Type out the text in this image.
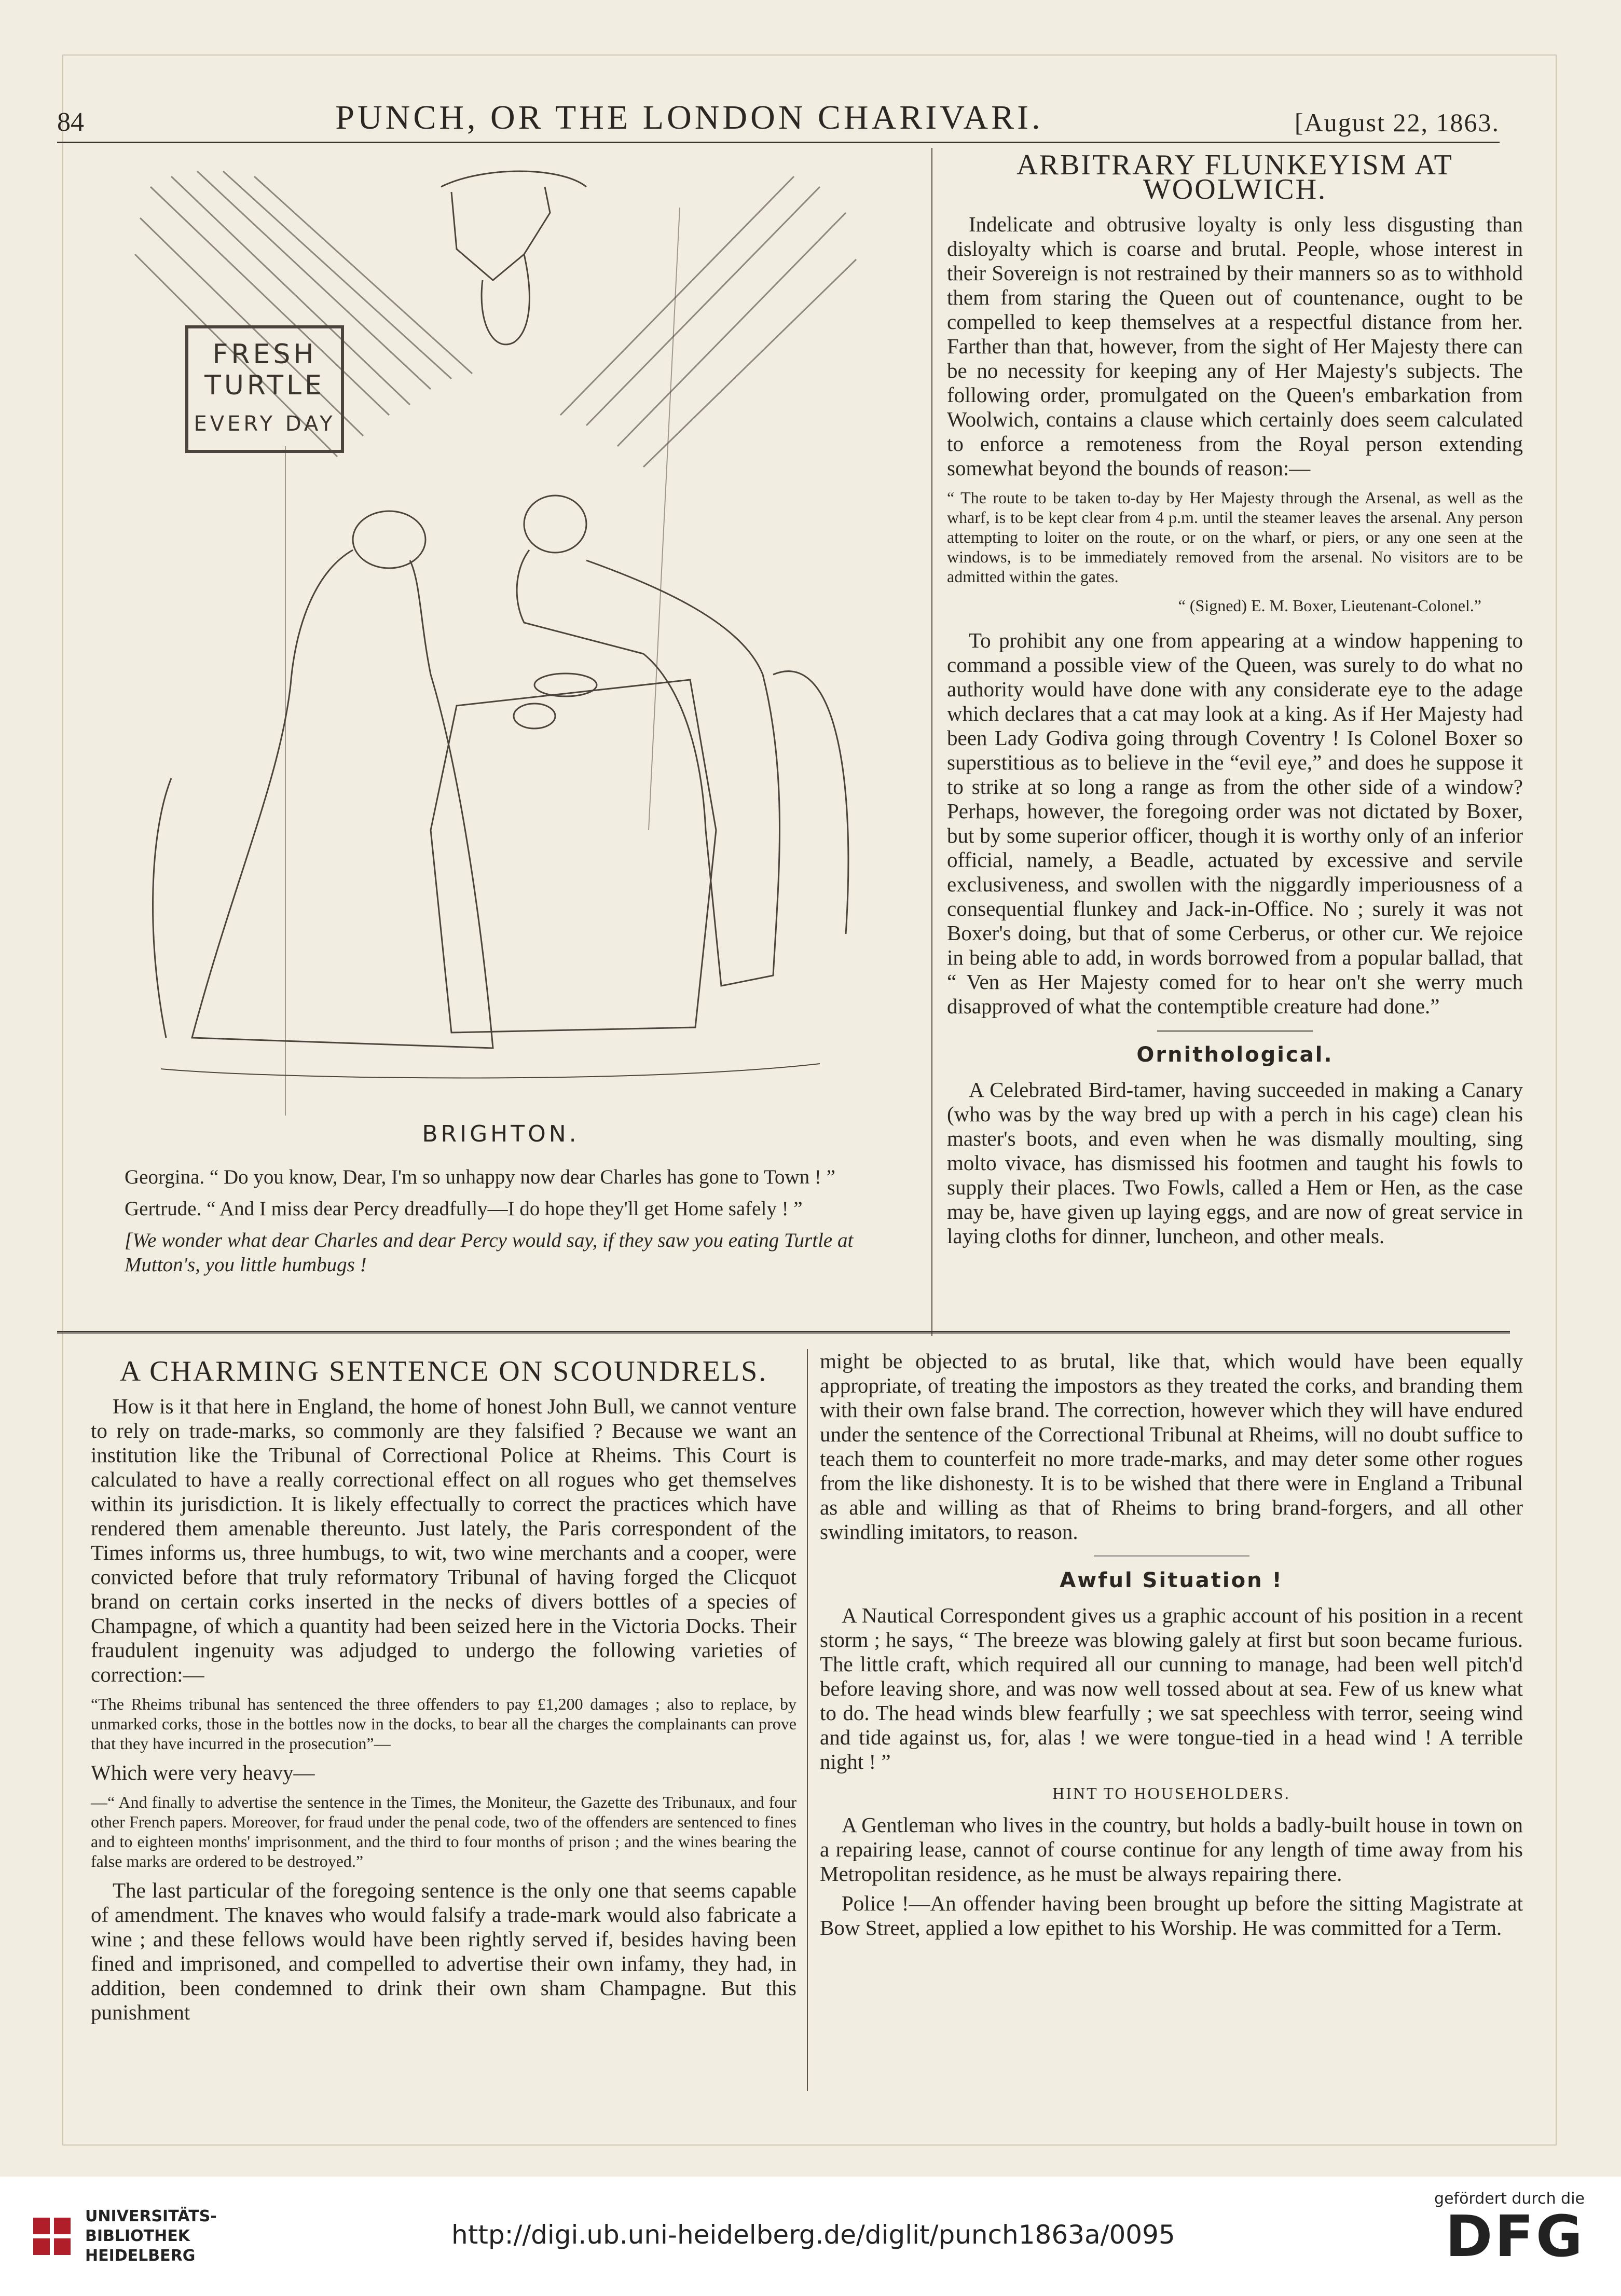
84	PUNCH, OR THE LONDON CHARIVARI.	[August 22, 1863.
FRESH
TURTLE
EVERY DAY
BRIGHTON.

Georgina. “ Do you know, Dear, I'm so unhappy now dear Charles has gone to Town ! ”

Gertrude. “ And I miss dear Percy dreadfully—I do hope they'll get Home safely ! ”

[We wonder what dear Charles and dear Percy would say, if they saw you eating Turtle at Mutton's, you little humbugs !

ARBITRARY FLUNKEYISM AT WOOLWICH.

Indelicate and obtrusive loyalty is only less disgusting than disloyalty which is coarse and brutal. People, whose interest in their Sovereign is not restrained by their manners so as to withhold them from staring the Queen out of countenance, ought to be compelled to keep themselves at a respectful distance from her. Farther than that, however, from the sight of Her Majesty there can be no necessity for keeping any of Her Majesty's subjects. The following order, promulgated on the Queen's embarkation from Woolwich, contains a clause which certainly does seem calculated to enforce a remoteness from the Royal person extending somewhat beyond the bounds of reason:—

“ The route to be taken to-day by Her Majesty through the Arsenal, as well as the wharf, is to be kept clear from 4 p.m. until the steamer leaves the arsenal. Any person attempting to loiter on the route, or on the wharf, or piers, or any one seen at the windows, is to be immediately removed from the arsenal. No visitors are to be admitted within the gates.

“ (Signed) E. M. Boxer, Lieutenant-Colonel.”

To prohibit any one from appearing at a window happening to command a possible view of the Queen, was surely to do what no authority would have done with any considerate eye to the adage which declares that a cat may look at a king. As if Her Majesty had been Lady Godiva going through Coventry ! Is Colonel Boxer so superstitious as to believe in the “evil eye,” and does he suppose it to strike at so long a range as from the other side of a window? Perhaps, however, the foregoing order was not dictated by Boxer, but by some superior officer, though it is worthy only of an inferior official, namely, a Beadle, actuated by excessive and servile exclusiveness, and swollen with the niggardly imperiousness of a consequential flunkey and Jack-in-Office. No ; surely it was not Boxer's doing, but that of some Cerberus, or other cur. We rejoice in being able to add, in words borrowed from a popular ballad, that “ Ven as Her Majesty comed for to hear on't she werry much disapproved of what the contemptible creature had done.”

Ornithological.

A Celebrated Bird-tamer, having succeeded in making a Canary (who was by the way bred up with a perch in his cage) clean his master's boots, and even when he was dismally moulting, sing molto vivace, has dismissed his footmen and taught his fowls to supply their places. Two Fowls, called a Hem or Hen, as the case may be, have given up laying eggs, and are now of great service in laying cloths for dinner, luncheon, and other meals.

A CHARMING SENTENCE ON SCOUNDRELS.

How is it that here in England, the home of honest John Bull, we cannot venture to rely on trade-marks, so commonly are they falsified ? Because we want an institution like the Tribunal of Correctional Police at Rheims. This Court is calculated to have a really correctional effect on all rogues who get themselves within its jurisdiction. It is likely effectually to correct the practices which have rendered them amenable thereunto. Just lately, the Paris correspondent of the Times informs us, three humbugs, to wit, two wine merchants and a cooper, were convicted before that truly reformatory Tribunal of having forged the Clicquot brand on certain corks inserted in the necks of divers bottles of a species of Champagne, of which a quantity had been seized here in the Victoria Docks. Their fraudulent ingenuity was adjudged to undergo the following varieties of correction:—

“The Rheims tribunal has sentenced the three offenders to pay £1,200 damages ; also to replace, by unmarked corks, those in the bottles now in the docks, to bear all the charges the complainants can prove that they have incurred in the prosecution”—

Which were very heavy—

—“ And finally to advertise the sentence in the Times, the Moniteur, the Gazette des Tribunaux, and four other French papers. Moreover, for fraud under the penal code, two of the offenders are sentenced to fines and to eighteen months' imprisonment, and the third to four months of prison ; and the wines bearing the false marks are ordered to be destroyed.”

The last particular of the foregoing sentence is the only one that seems capable of amendment. The knaves who would falsify a trade-mark would also fabricate a wine ; and these fellows would have been rightly served if, besides having been fined and imprisoned, and compelled to advertise their own infamy, they had, in addition, been condemned to drink their own sham Champagne. But this punishment

might be objected to as brutal, like that, which would have been equally appropriate, of treating the impostors as they treated the corks, and branding them with their own false brand. The correction, however which they will have endured under the sentence of the Correctional Tribunal at Rheims, will no doubt suffice to teach them to counterfeit no more trade-marks, and may deter some other rogues from the like dishonesty. It is to be wished that there were in England a Tribunal as able and willing as that of Rheims to bring brand-forgers, and all other swindling imitators, to reason.

Awful Situation !

A Nautical Correspondent gives us a graphic account of his position in a recent storm ; he says, “ The breeze was blowing galely at first but soon became furious. The little craft, which required all our cunning to manage, had been well pitch'd before leaving shore, and was now well tossed about at sea. Few of us knew what to do. The head winds blew fearfully ; we sat speechless with terror, seeing wind and tide against us, for, alas ! we were tongue-tied in a head wind ! A terrible night ! ”

HINT TO HOUSEHOLDERS.

A Gentleman who lives in the country, but holds a badly-built house in town on a repairing lease, cannot of course continue for any length of time away from his Metropolitan residence, as he must be always repairing there.

Police !—An offender having been brought up before the sitting Magistrate at Bow Street, applied a low epithet to his Worship. He was committed for a Term.

UNIVERSITÄTS-
BIBLIOTHEK
HEIDELBERG
http://digi.ub.uni-heidelberg.de/diglit/punch1863a/0095
gefördert durch die
DFG
